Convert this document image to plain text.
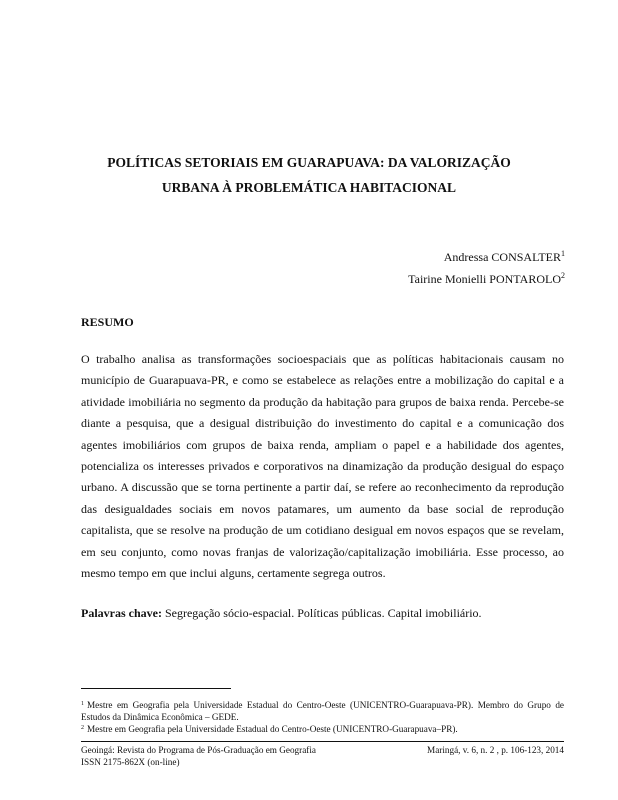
POLÍTICAS SETORIAIS EM GUARAPUAVA: DA VALORIZAÇÃO
URBANA À PROBLEMÁTICA HABITACIONAL
Andressa CONSALTER$^1$
Tairine Monielli PONTAROLO$^2$
RESUMO

O trabalho analisa as transformações socioespaciais que as políticas habitacionais causam no município de Guarapuava-PR, e como se estabelece as relações entre a mobilização do capital e a atividade imobiliária no segmento da produção da habitação para grupos de baixa renda. Percebe-se diante a pesquisa, que a desigual distribuição do investimento do capital e a comunicação dos agentes imobiliários com grupos de baixa renda, ampliam o papel e a habilidade dos agentes, potencializa os interesses privados e corporativos na dinamização da produção desigual do espaço urbano. A discussão que se torna pertinente a partir daí, se refere ao reconhecimento da reprodução das desigualdades sociais em novos patamares, um aumento da base social de reprodução capitalista, que se resolve na produção de um cotidiano desigual em novos espaços que se revelam, em seu conjunto, como novas franjas de valorização/capitalização imobiliária. Esse processo, ao mesmo tempo em que inclui alguns, certamente segrega outros.

Palavras chave: Segregação sócio-espacial. Políticas públicas. Capital imobiliário.

$^1$ Mestre em Geografia pela Universidade Estadual do Centro-Oeste (UNICENTRO-Guarapuava-PR). Membro do Grupo de Estudos da Dinâmica Econômica – GEDE.

$^2$ Mestre em Geografia pela Universidade Estadual do Centro-Oeste (UNICENTRO-Guarapuava–PR).

Geoingá: Revista do Programa de Pós-Graduação em Geografia	Maringá, v. 6, n. 2 , p. 106-123, 2014
ISSN 2175-862X (on-line)
